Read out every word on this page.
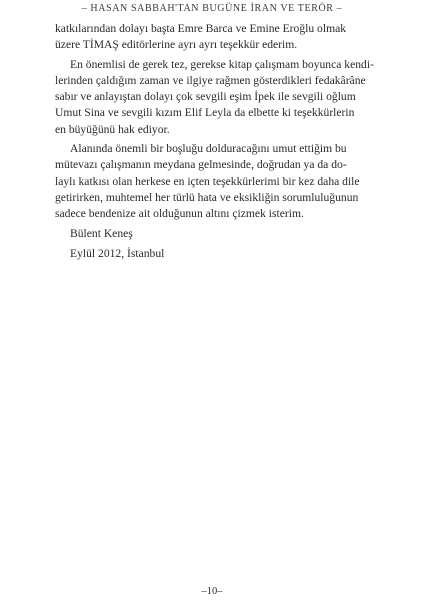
– HASAN SABBAH'TAN BUGÜNE İRAN VE TERÖR –
katkılarından dolayı başta Emre Barca ve Emine Eroğlu olmak
üzere TİMAŞ editörlerine ayrı ayrı teşekkür ederim.
En önemlisi de gerek tez, gerekse kitap çalışmam boyunca kendi-
lerinden çaldığım zaman ve ilgiye rağmen gösterdikleri fedakârâne
sabır ve anlayıştan dolayı çok sevgili eşim İpek ile sevgili oğlum
Umut Sina ve sevgili kızım Elif Leyla da elbette ki teşekkürlerin
en büyüğünü hak ediyor.
Alanında önemli bir boşluğu dolduracağını umut ettiğim bu
mütevazı çalışmanın meydana gelmesinde, doğrudan ya da do-
laylı katkısı olan herkese en içten teşekkürlerimi bir kez daha dile
getirirken, muhtemel her türlü hata ve eksikliğin sorumluluğunun
sadece bendenize ait olduğunun altını çizmek isterim.
Bülent Keneş
Eylül 2012, İstanbul
–10–
